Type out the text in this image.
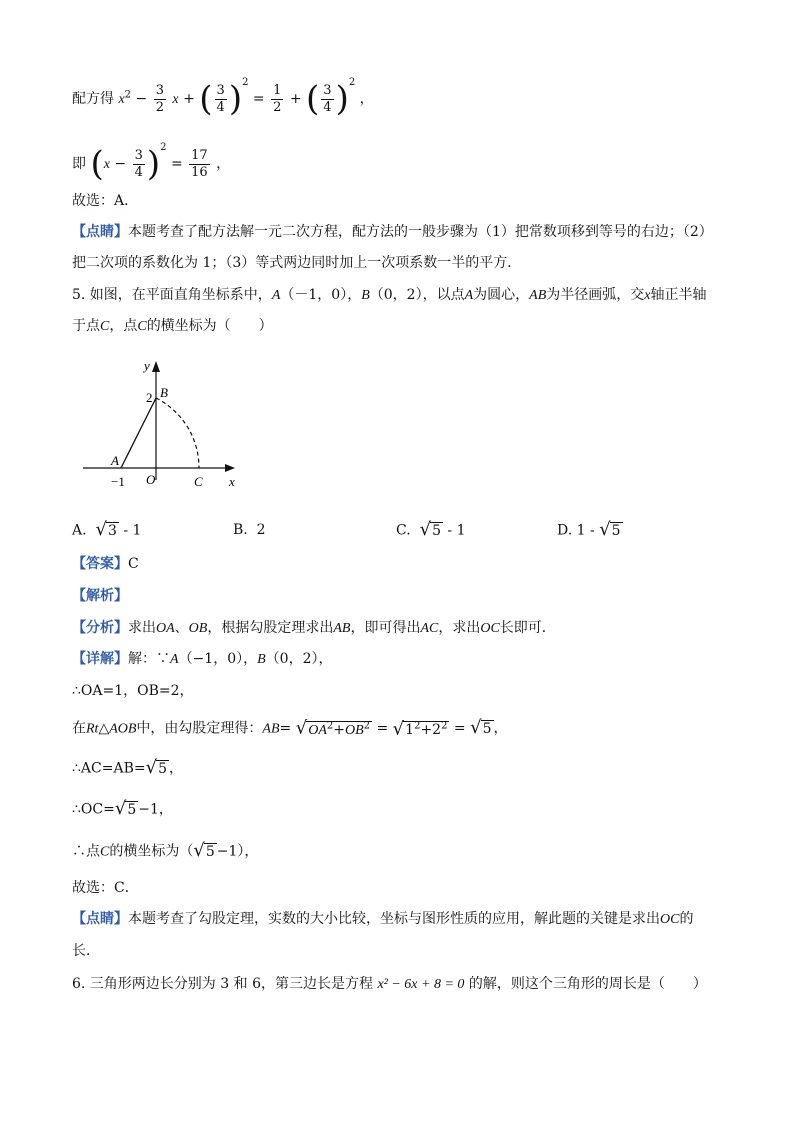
配方得 $x^2 - \frac{3}{2}$ x + ( $\frac{3}{4} )^2 = \frac{1}{2}$ + ( $\frac{3}{4} )^2$ ，
即 $(x - \frac{3}{4} )^2 = \frac{17}{16}$ ，
故选：A．
【点睛】本题考查了配方法解一元二次方程，配方法的一般步骤为（1）把常数项移到等号的右边；（2）
把二次项的系数化为 1；（3）等式两边同时加上一次项系数一半的平方．
5. 如图，在平面直角坐标系中，A（－1，0），B（0，2），以点A为圆心，AB为半径画弧，交x轴正半轴
于点C，点C的横坐标为（　　）
y
2 B
A
−1 O	C x
A. √3 - 1	B. 2	C. √5 - 1	D. 1 - √5
【答案】C
【解析】
【分析】求出OA、OB，根据勾股定理求出AB，即可得出AC，求出OC长即可．
【详解】解：∵A（−1，0），B（0，2），
∴OA=1，OB=2，
在Rt△AOB中，由勾股定理得：$AB= √OA^2+OB^2 = √1^2+2^2 = √5$ ，
∴AC=AB=√5 ，
∴OC=√5 −1，
∴点C的横坐标为（√5 −1），
故选：C．
【点睛】本题考查了勾股定理，实数的大小比较，坐标与图形性质的应用，解此题的关键是求出OC的
长．
6. 三角形两边长分别为 3 和 6，第三边长是方程 x² − 6x + 8 = 0 的解，则这个三角形的周长是（　　）
